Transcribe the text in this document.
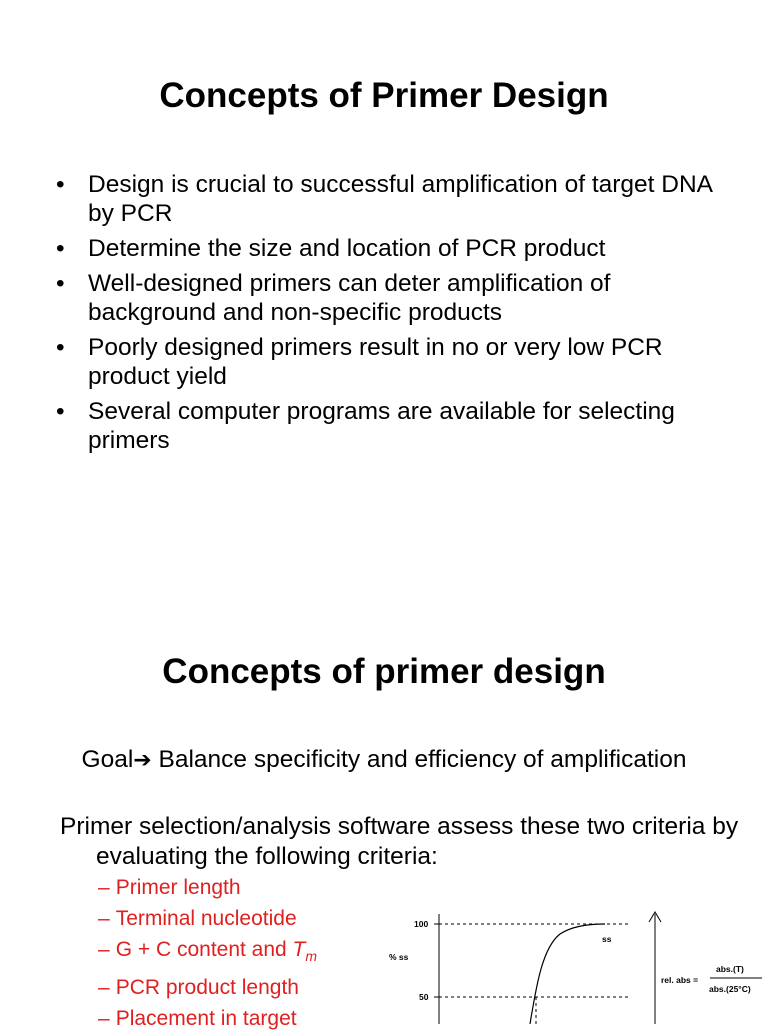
Concepts of Primer Design
• Design is crucial to successful amplification of target DNA by PCR
• Determine the size and location of PCR product
• Well-designed primers can deter amplification of background and non-specific products
• Poorly designed primers result in no or very low PCR product yield
• Several computer programs are available for selecting primers
Concepts of primer design
Goal➔ Balance specificity and efficiency of amplification
Primer selection/analysis software assess these two criteria by evaluating the following criteria:
– Primer length
– Terminal nucleotide
– G + C content and $T_m$
– PCR product length
– Placement in target
100
50
% ss
ss
rel. abs =
abs.(T)
abs.(25°C)
